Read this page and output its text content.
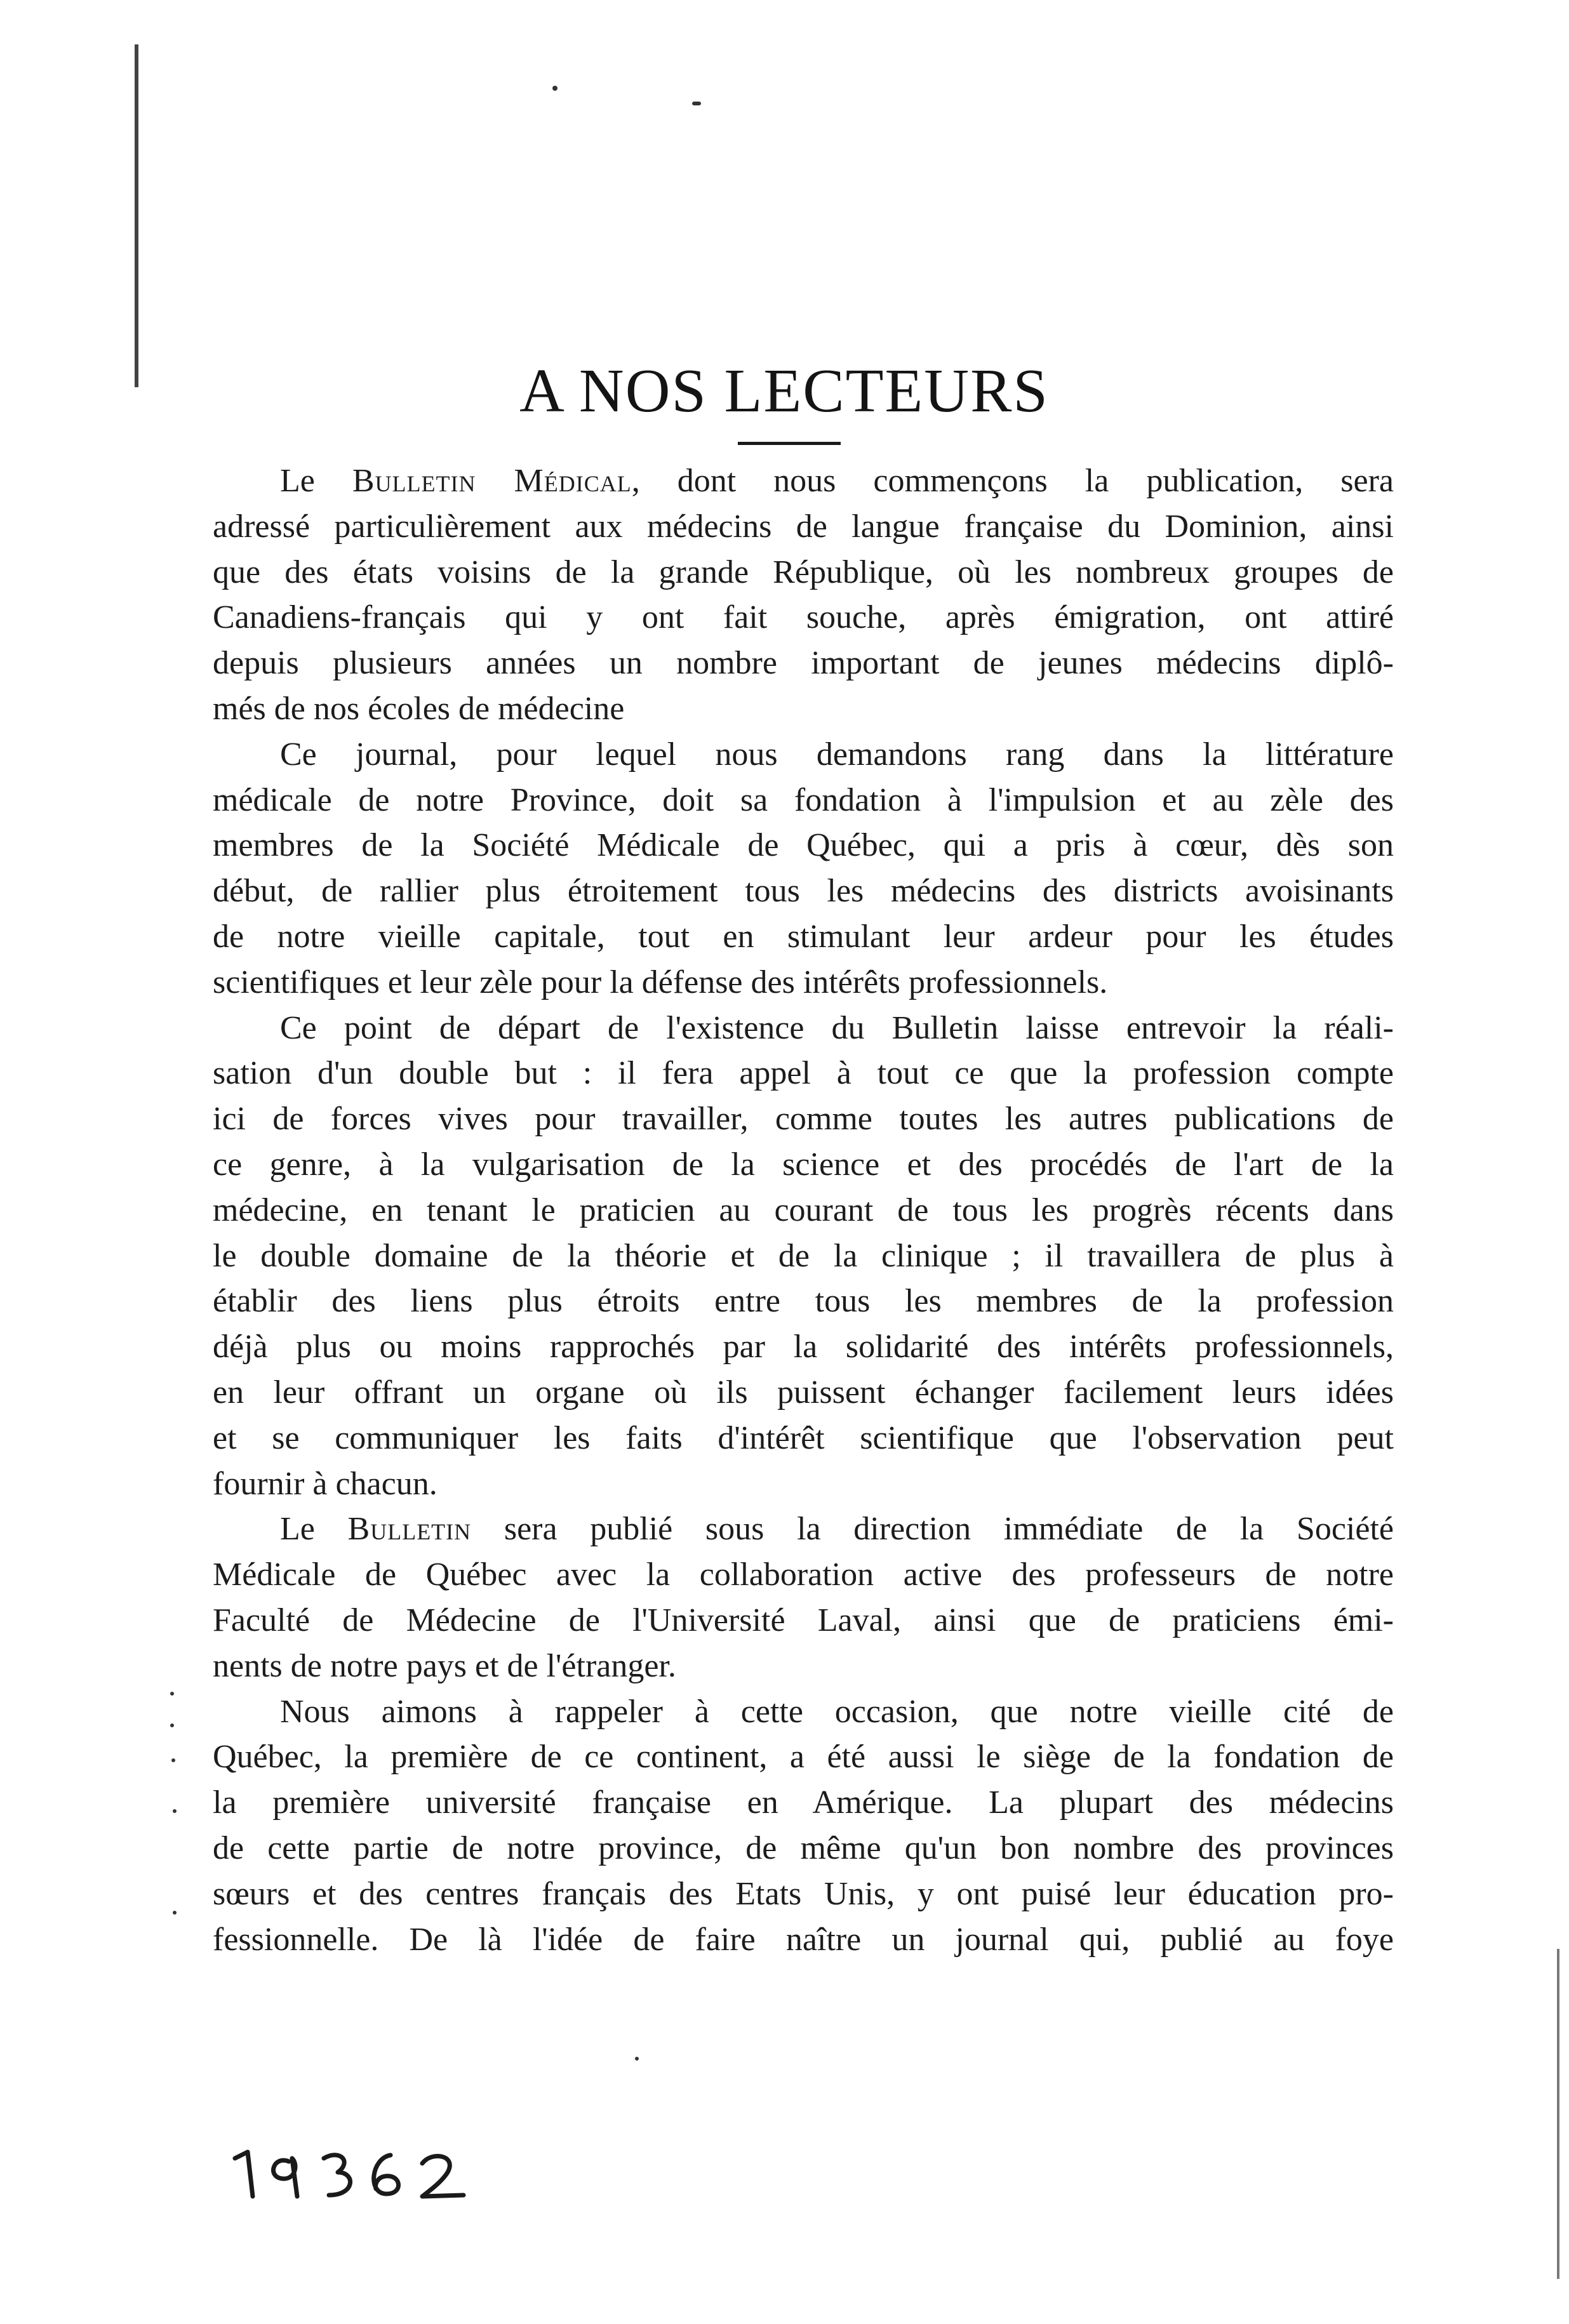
A NOS LECTEURS
Le Bulletin Médical, dont nous commençons la publication, sera
adressé particulièrement aux médecins de langue française du Dominion, ainsi
que des états voisins de la grande République, où les nombreux groupes de
Canadiens-français qui y ont fait souche, après émigration, ont attiré
depuis plusieurs années un nombre important de jeunes médecins diplô-
més de nos écoles de médecine
Ce journal, pour lequel nous demandons rang dans la littérature
médicale de notre Province, doit sa fondation à l'impulsion et au zèle des
membres de la Société Médicale de Québec, qui a pris à cœur, dès son
début, de rallier plus étroitement tous les médecins des districts avoisinants
de notre vieille capitale, tout en stimulant leur ardeur pour les études
scientifiques et leur zèle pour la défense des intérêts professionnels.
Ce point de départ de l'existence du Bulletin laisse entrevoir la réali-
sation d'un double but : il fera appel à tout ce que la profession compte
ici de forces vives pour travailler, comme toutes les autres publications de
ce genre, à la vulgarisation de la science et des procédés de l'art de la
médecine, en tenant le praticien au courant de tous les progrès récents dans
le double domaine de la théorie et de la clinique ; il travaillera de plus à
établir des liens plus étroits entre tous les membres de la profession
déjà plus ou moins rapprochés par la solidarité des intérêts professionnels,
en leur offrant un organe où ils puissent échanger facilement leurs idées
et se communiquer les faits d'intérêt scientifique que l'observation peut
fournir à chacun.
Le Bulletin sera publié sous la direction immédiate de la Société
Médicale de Québec avec la collaboration active des professeurs de notre
Faculté de Médecine de l'Université Laval, ainsi que de praticiens émi-
nents de notre pays et de l'étranger.
Nous aimons à rappeler à cette occasion, que notre vieille cité de
Québec, la première de ce continent, a été aussi le siège de la fondation de
la première université française en Amérique. La plupart des médecins
de cette partie de notre province, de même qu'un bon nombre des provinces
sœurs et des centres français des Etats Unis, y ont puisé leur éducation pro-
fessionnelle. De là l'idée de faire naître un journal qui, publié au foye
